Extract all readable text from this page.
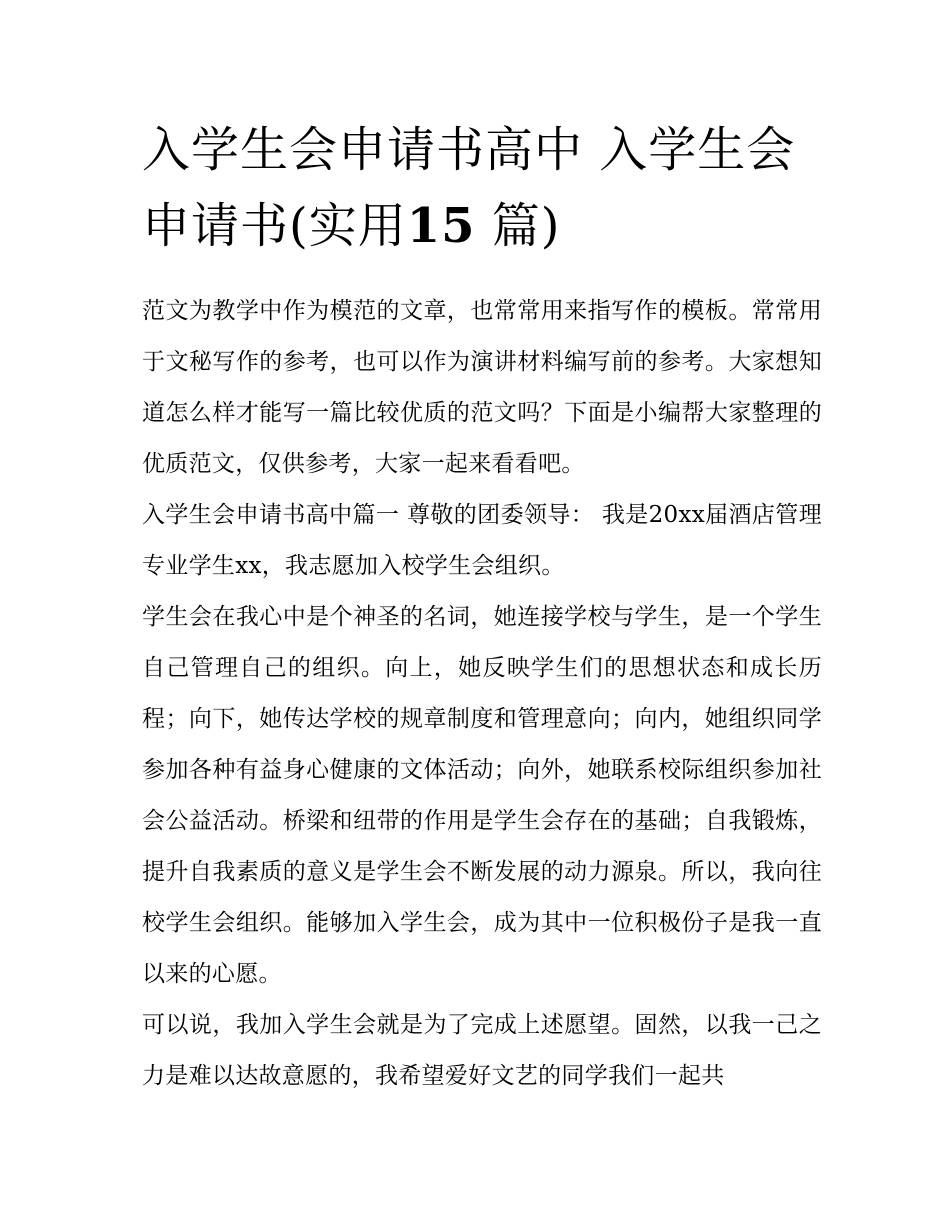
入学生会申请书高中 入学生会申请书(实用15 篇)

范文为教学中作为模范的文章，也常常用来指写作的模板。常常用于文秘写作的参考，也可以作为演讲材料编写前的参考。大家想知道怎么样才能写一篇比较优质的范文吗？下面是小编帮大家整理的优质范文，仅供参考，大家一起来看看吧。

入学生会申请书高中篇一 尊敬的团委领导： 我是20xx届酒店管理专业学生xx，我志愿加入校学生会组织。

学生会在我心中是个神圣的名词，她连接学校与学生，是一个学生自己管理自己的组织。向上，她反映学生们的思想状态和成长历程；向下，她传达学校的规章制度和管理意向；向内，她组织同学参加各种有益身心健康的文体活动；向外，她联系校际组织参加社会公益活动。桥梁和纽带的作用是学生会存在的基础；自我锻炼，提升自我素质的意义是学生会不断发展的动力源泉。所以，我向往校学生会组织。能够加入学生会，成为其中一位积极份子是我一直以来的心愿。

可以说，我加入学生会就是为了完成上述愿望。固然，以我一己之力是难以达故意愿的，我希望爱好文艺的同学我们一起共
